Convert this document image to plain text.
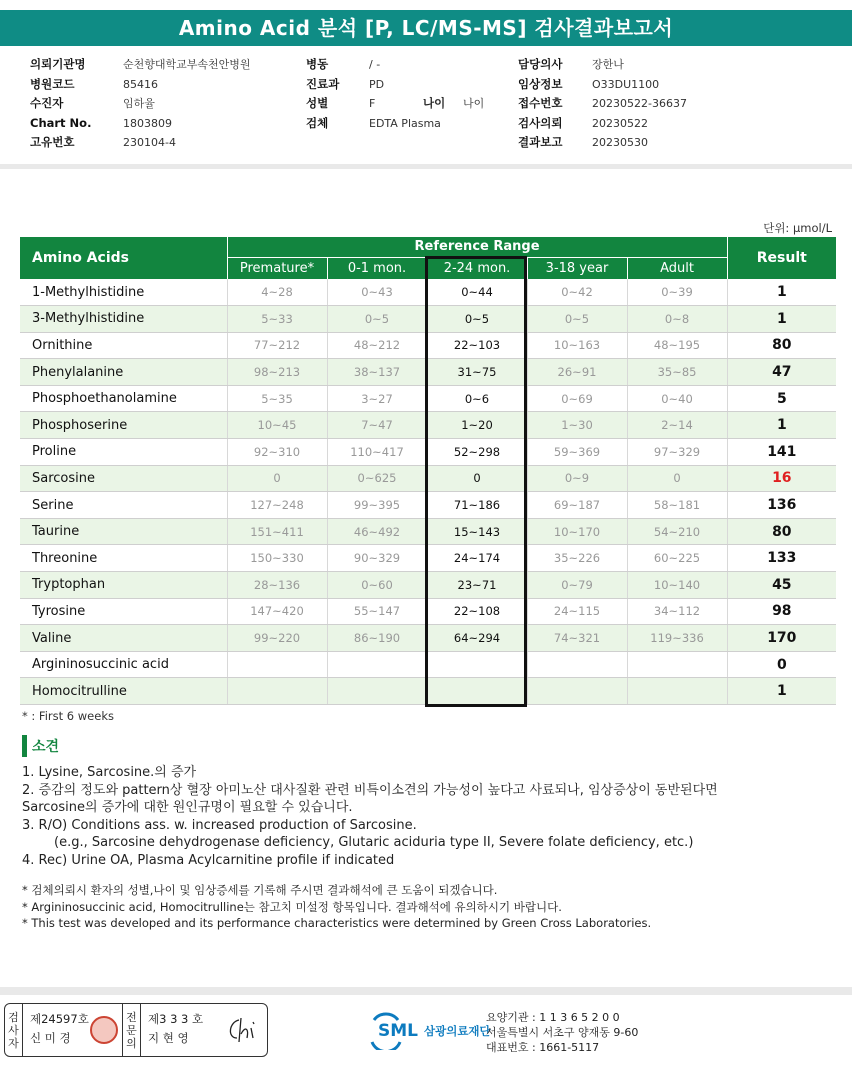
Amino Acid 분석 [P, LC/MS-MS] 검사결과보고서
의뢰기관명	순천향대학교부속천안병원
병원코드	85416
수진자	임하율
Chart No.	1803809
고유번호	230104-4
병동	/ -
진료과	PD
성별	F	나이	나이
검체	EDTA Plasma
담당의사	장한나
임상정보	O33DU1100
접수번호	20230522-36637
검사의뢰	20230522
결과보고	20230530
단위: μmol/L
Amino Acids	Reference Range					Result
	Premature*	0-1 mon.	2-24 mon.	3-18 year	Adult	
1-Methylhistidine	4~28	0~43	0~44	0~42	0~39	1
3-Methylhistidine	5~33	0~5	0~5	0~5	0~8	1
Ornithine	77~212	48~212	22~103	10~163	48~195	80
Phenylalanine	98~213	38~137	31~75	26~91	35~85	47
Phosphoethanolamine	5~35	3~27	0~6	0~69	0~40	5
Phosphoserine	10~45	7~47	1~20	1~30	2~14	1
Proline	92~310	110~417	52~298	59~369	97~329	141
Sarcosine	0	0~625	0	0~9	0	16
Serine	127~248	99~395	71~186	69~187	58~181	136
Taurine	151~411	46~492	15~143	10~170	54~210	80
Threonine	150~330	90~329	24~174	35~226	60~225	133
Tryptophan	28~136	0~60	23~71	0~79	10~140	45
Tyrosine	147~420	55~147	22~108	24~115	34~112	98
Valine	99~220	86~190	64~294	74~321	119~336	170
Argininosuccinic acid						0
Homocitrulline						1
* : First 6 weeks
소견
1. Lysine, Sarcosine.의 증가
2. 증감의 정도와 pattern상 혈장 아미노산 대사질환 관련 비특이소견의 가능성이 높다고 사료되나, 임상증상이 동반된다면
Sarcosine의 증가에 대한 원인규명이 필요할 수 있습니다.
3. R/O) Conditions ass. w. increased production of Sarcosine.
(e.g., Sarcosine dehydrogenase deficiency, Glutaric aciduria type II, Severe folate deficiency, etc.)
4. Rec) Urine OA, Plasma Acylcarnitine profile if indicated
* 검체의뢰시 환자의 성별,나이 및 임상증세를 기록해 주시면 결과해석에 큰 도움이 되겠습니다.
* Argininosuccinic acid, Homocitrulline는 참고치 미설정 항목입니다. 결과해석에 유의하시기 바랍니다.
* This test was developed and its performance characteristics were determined by Green Cross Laboratories.
검
사
자
제24597호
신 미 경
전
문
의
제3 3 3 호
지 현 영	SML 삼광의료재단
요양기관 : 1 1 3 6 5 2 0 0
서울특별시 서초구 양재동 9-60
대표번호 : 1661-5117
